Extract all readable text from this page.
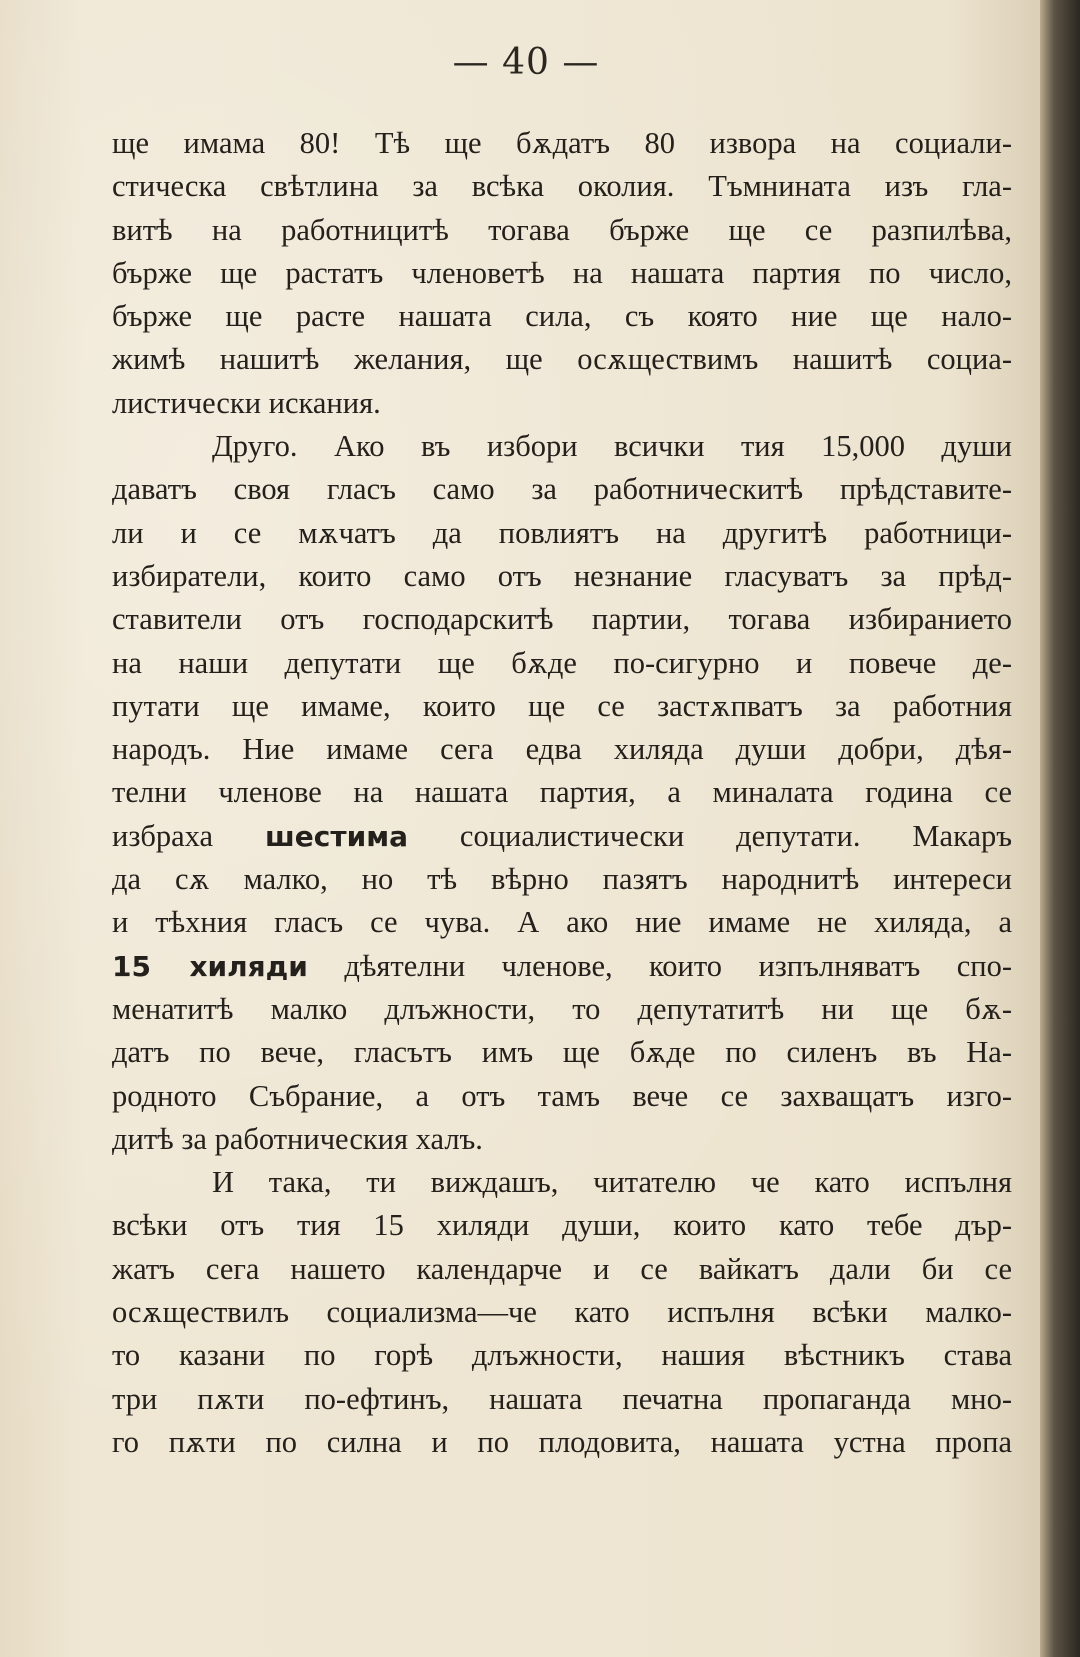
— 40 —
ще имама 80! Тѣ ще бѫдатъ 80 извора на социали-
стическа свѣтлина за всѣка околия. Тъмнината изъ гла-
витѣ на работницитѣ тогава бърже ще се разпилѣва,
бърже ще растатъ членоветѣ на нашата партия по число,
бърже ще расте нашата сила, съ която ние ще нало-
жимѣ нашитѣ желания, ще осѫществимъ нашитѣ социа-
листически искания.
Друго. Ако въ избори всички тия 15,000 души
даватъ своя гласъ само за работническитѣ прѣдставите-
ли и се мѫчатъ да повлиятъ на другитѣ работници-
избиратели, които само отъ незнание гласуватъ за прѣд-
ставители отъ господарскитѣ партии, тогава избиранието
на наши депутати ще бѫде по-сигурно и повече де-
путати ще имаме, които ще се застѫпватъ за работния
народъ. Ние имаме сега едва хиляда души добри, дѣя-
телни членове на нашата партия, а миналата година се
избраха шестима социалистически депутати. Макаръ
да сѫ малко, но тѣ вѣрно пазятъ народнитѣ интереси
и тѣхния гласъ се чува. А ако ние имаме не хиляда, а
15 хиляди дѣятелни членове, които изпълняватъ спо-
менатитѣ малко длъжности, то депутатитѣ ни ще бѫ-
датъ по вече, гласътъ имъ ще бѫде по силенъ въ На-
родното Събрание, а отъ тамъ вече се захващатъ изго-
дитѣ за работническия халъ.
И така, ти виждашъ, читателю че като испълня
всѣки отъ тия 15 хиляди души, които като тебе дър-
жатъ сега нашето календарче и се вайкатъ дали би се
осѫществилъ социализма—че като испълня всѣки малко-
то казани по горѣ длъжности, нашия вѣстникъ става
три пѫти по-ефтинъ, нашата печатна пропаганда мно-
го пѫти по силна и по плодовита, нашата устна пропа
